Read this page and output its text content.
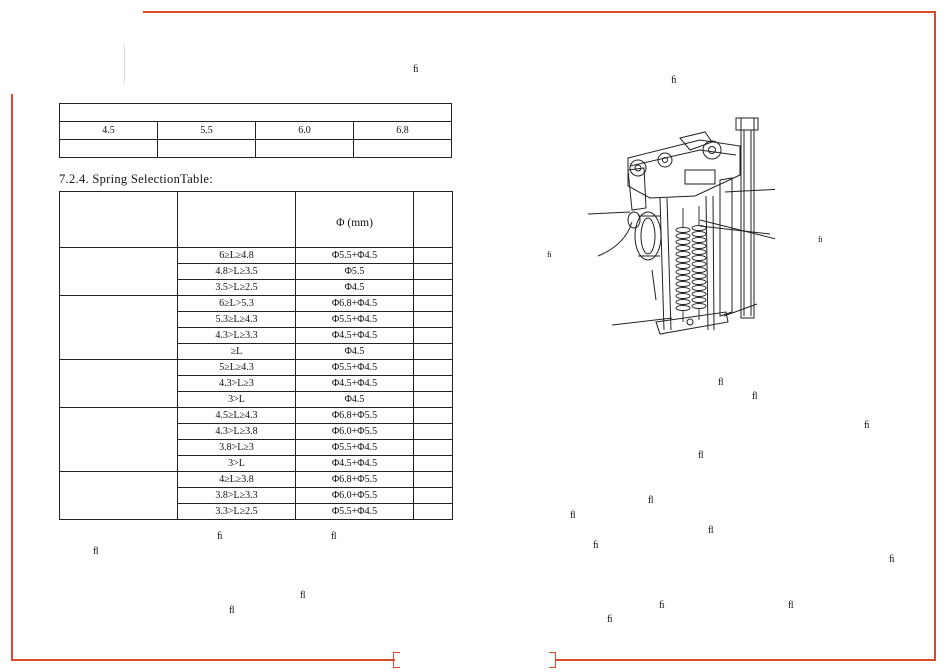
4.5	5.5	6.0	6.8

7.2.4. Spring SelectionTable:
		Φ (mm)	
	6≥L≥4.8	Φ5.5+Φ4.5	
	4.8>L≥3.5	Φ5.5	
	3.5>L≥2.5	Φ4.5	
	6≥L>5.3	Φ6.8+Φ4.5	
	5.3≥L≥4.3	Φ5.5+Φ4.5	
	4.3>L≥3.3	Φ4.5+Φ4.5	
	≥L	Φ4.5	
	5≥L≥4.3	Φ5.5+Φ4.5	
	4.3>L≥3	Φ4.5+Φ4.5	
	3>L	Φ4.5	
	4.5≥L≥4.3	Φ6.8+Φ5.5	
	4.3>L≥3.8	Φ6.0+Φ5.5	
	3.8>L≥3	Φ5.5+Φ4.5	
	3>L	Φ4.5+Φ4.5	
	4≥L≥3.8	Φ6.8+Φ5.5	
	3.8>L≥3.3	Φ6.0+Φ5.5	
	3.3>L≥2.5	Φ5.5+Φ4.5	
ﬁ
ﬁ	ﬂ
ﬂ
ﬂ
ﬂ
ﬁ
ﬁ
ﬁ
ﬂ
ﬂ
ﬁ
ﬂ
ﬂ
ﬂ
ﬂ
ﬁ
ﬁ
ﬁ	ﬂ
ﬁ
